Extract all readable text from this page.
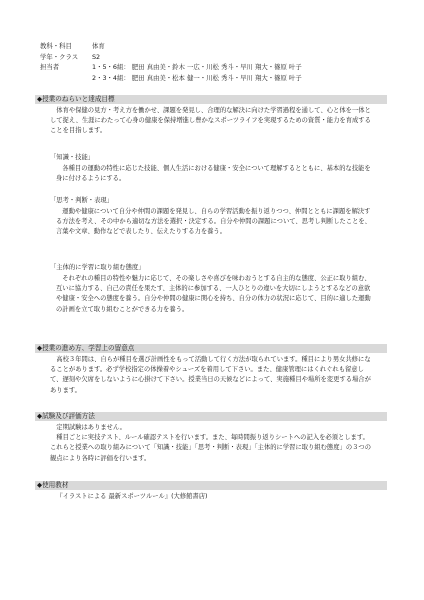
教科・科目	体育
学年・クラス	S2
担当者	1・5・6組： 肥田 真由美・鈴木 一広・川松 秀斗・早川 翔大・篠原 叶子
2・3・4組： 肥田 真由美・松本 健一・川松 秀斗・早川 翔大・篠原 叶子
◆授業のねらいと達成目標

体育や保健の見方・考え方を働かせ、課題を発見し、合理的な解決に向けた学習過程を通して、心と体を一体として捉え、生涯にわたって心身の健康を保持増進し豊かなスポーツライフを実現するための資質・能力を育成することを目指します。

「知識・技能」

各種目の運動の特性に応じた技能、個人生活における健康・安全について理解するとともに、基本的な技能を身に付けるようにする。

「思考・判断・表現」

運動や健康について自分や仲間の課題を発見し、自らの学習活動を振り返りつつ、仲間とともに課題を解決する方法を考え、その中から適切な方法を選択・決定する。自分や仲間の課題について、思考し判断したことを、言葉や文章、動作などで表したり、伝えたりする力を養う。

「主体的に学習に取り組む態度」

それぞれの種目の特性や魅力に応じて、その楽しさや喜びを味わおうとする自主的な態度、公正に取り組む、互いに協力する、自己の責任を果たす、主体的に参加する、一人ひとりの違いを大切にしようとするなどの意欲や健康・安全への態度を養う。自分や仲間の健康に関心を持ち、自分の体力の状況に応じて、目的に適した運動の計画を立て取り組むことができる力を養う。

◆授業の進め方、学習上の留意点

高校３年間は、自らが種目を選び計画性をもって活動して行く方法が取られています。種目により男女共修になることがあります。必ず学校指定の体操着やシューズを着用して下さい。また、健康管理にはくれぐれも留意して、遅刻や欠席をしないように心掛けて下さい。授業当日の天候などによって、実施種目や場所を変更する場合があります。

◆試験及び評価方法

定期試験はありません。

種目ごとに実技テスト、ルール確認テストを行います。また、毎時間振り返りシートへの記入を必須とします。これらと授業への取り組みについて「知識・技能」「思考・判断・表現」「主体的に学習に取り組む態度」の３つの観点により各時に評価を行います。

◆使用教材

『イラストによる 最新スポーツルール』(大修館書店)
